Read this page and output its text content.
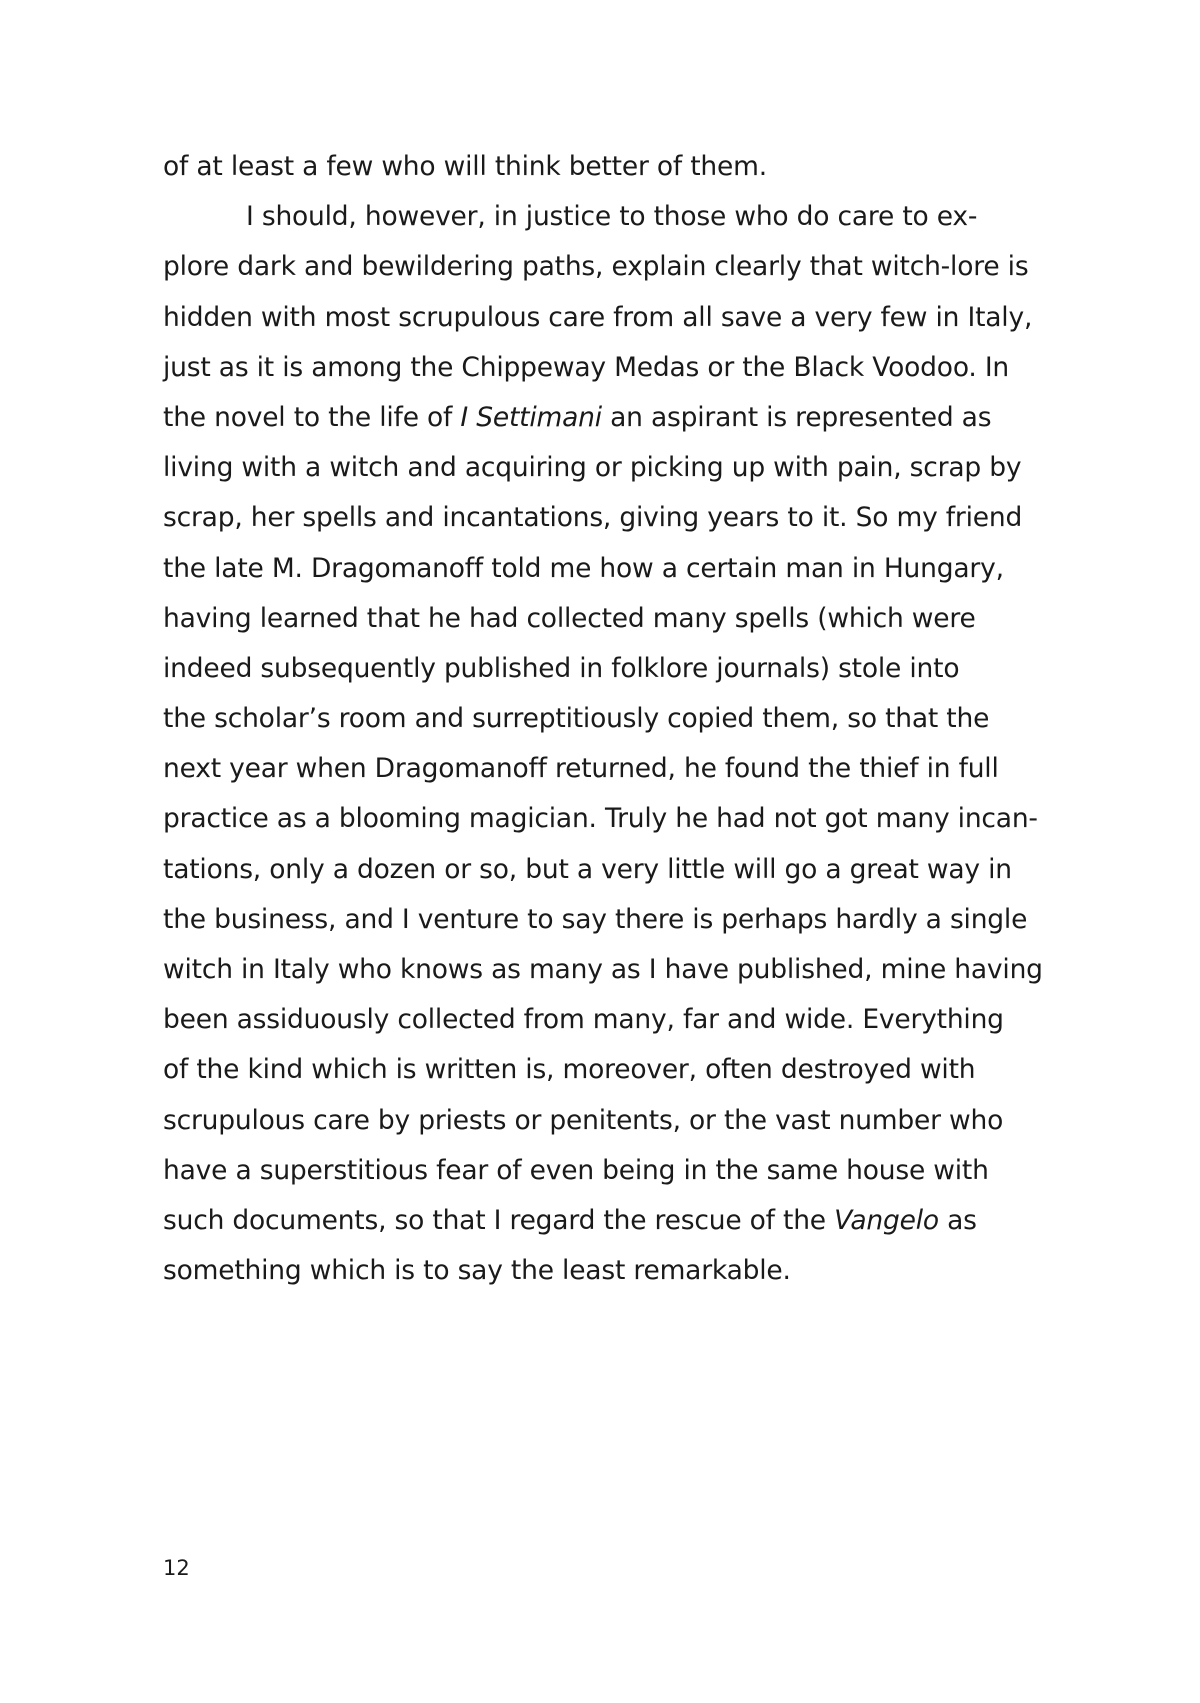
of at least a few who will think better of them.
I should, however, in justice to those who do care to ex-
plore dark and bewildering paths, explain clearly that witch-lore is
hidden with most scrupulous care from all save a very few in Italy,
just as it is among the Chippeway Medas or the Black Voodoo. In
the novel to the life of I Settimani an aspirant is represented as
living with a witch and acquiring or picking up with pain, scrap by
scrap, her spells and incantations, giving years to it. So my friend
the late M. Dragomanoff told me how a certain man in Hungary,
having learned that he had collected many spells (which were
indeed subsequently published in folklore journals) stole into
the scholar’s room and surreptitiously copied them, so that the
next year when Dragomanoff returned, he found the thief in full
practice as a blooming magician. Truly he had not got many incan-
tations, only a dozen or so, but a very little will go a great way in
the business, and I venture to say there is perhaps hardly a single
witch in Italy who knows as many as I have published, mine having
been assiduously collected from many, far and wide. Everything
of the kind which is written is, moreover, often destroyed with
scrupulous care by priests or penitents, or the vast number who
have a superstitious fear of even being in the same house with
such documents, so that I regard the rescue of the Vangelo as
something which is to say the least remarkable.
12
